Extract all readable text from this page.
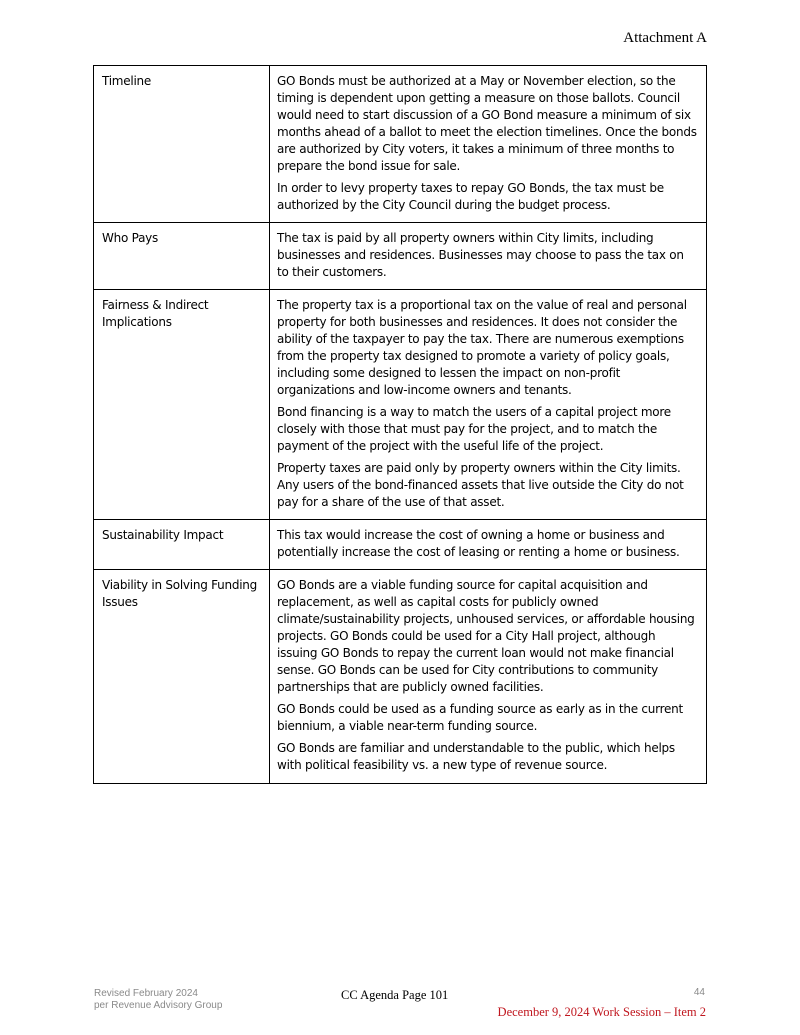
Attachment A
Timeline	GO Bonds must be authorized at a May or November election, so the timing is dependent upon getting a measure on those ballots. Council would need to start discussion of a GO Bond measure a minimum of six months ahead of a ballot to meet the election timelines. Once the bonds are authorized by City voters, it takes a minimum of three months to prepare the bond issue for sale.

In order to levy property taxes to repay GO Bonds, the tax must be authorized by the City Council during the budget process.

Who Pays	The tax is paid by all property owners within City limits, including businesses and residences. Businesses may choose to pass the tax on to their customers.

Fairness & Indirect Implications	The property tax is a proportional tax on the value of real and personal property for both businesses and residences. It does not consider the ability of the taxpayer to pay the tax. There are numerous exemptions from the property tax designed to promote a variety of policy goals, including some designed to lessen the impact on non-profit organizations and low-income owners and tenants.

Bond financing is a way to match the users of a capital project more closely with those that must pay for the project, and to match the payment of the project with the useful life of the project.

Property taxes are paid only by property owners within the City limits. Any users of the bond-financed assets that live outside the City do not pay for a share of the use of that asset.

Sustainability Impact	This tax would increase the cost of owning a home or business and potentially increase the cost of leasing or renting a home or business.

Viability in Solving Funding Issues	GO Bonds are a viable funding source for capital acquisition and replacement, as well as capital costs for publicly owned climate/sustainability projects, unhoused services, or affordable housing projects. GO Bonds could be used for a City Hall project, although issuing GO Bonds to repay the current loan would not make financial sense. GO Bonds can be used for City contributions to community partnerships that are publicly owned facilities.

GO Bonds could be used as a funding source as early as in the current biennium, a viable near-term funding source.

GO Bonds are familiar and understandable to the public, which helps with political feasibility vs. a new type of revenue source.

Revised February 2024
per Revenue Advisory Group
CC Agenda Page 101	44
December 9, 2024 Work Session – Item 2
